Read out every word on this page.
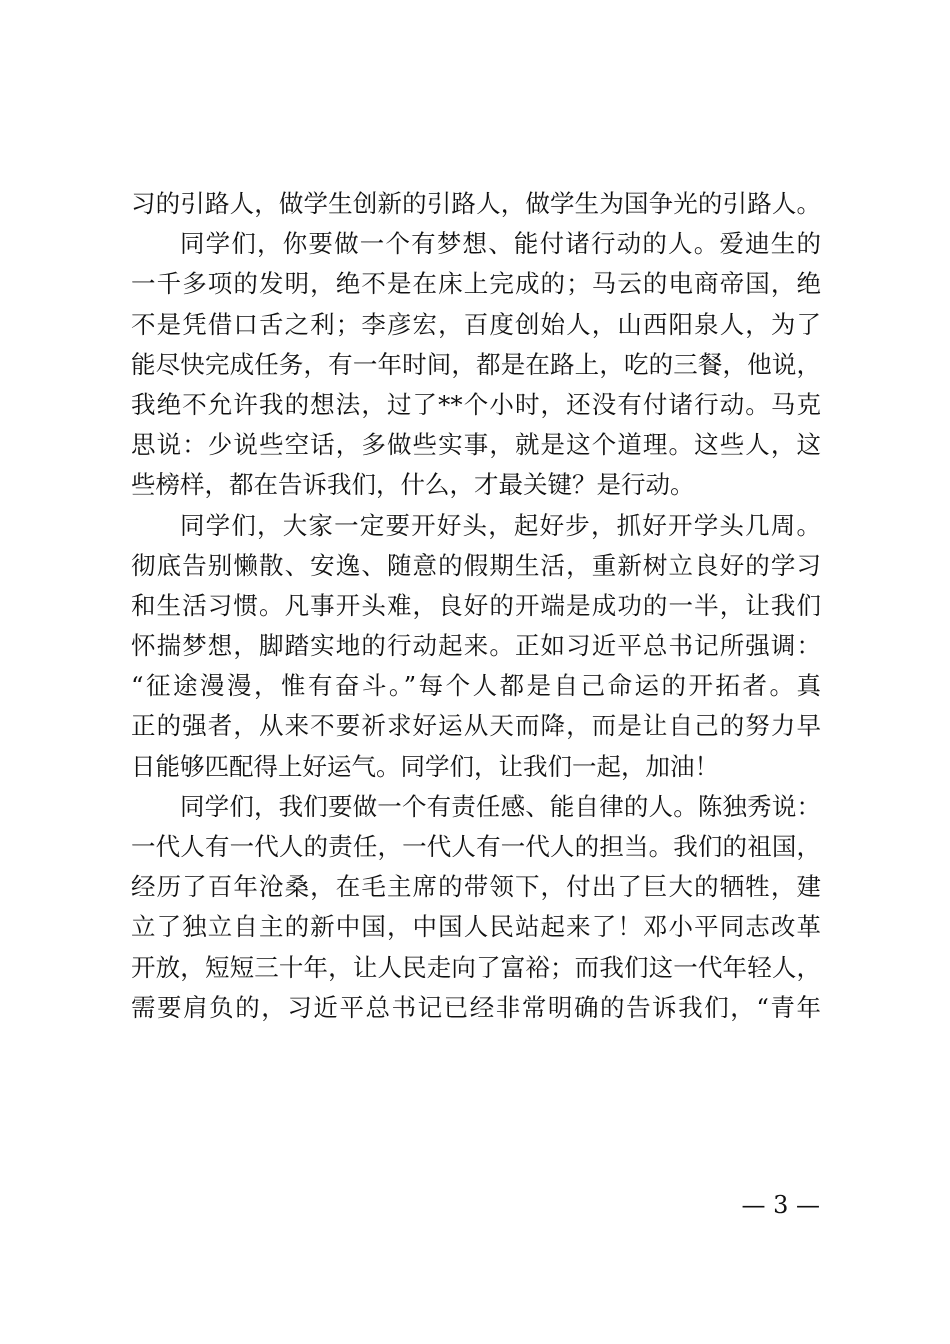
习的引路人，做学生创新的引路人，做学生为国争光的引路人。
同学们，你要做一个有梦想、能付诸行动的人。爱迪生的
一千多项的发明，绝不是在床上完成的；马云的电商帝国，绝
不是凭借口舌之利；李彦宏，百度创始人，山西阳泉人，为了
能尽快完成任务，有一年时间，都是在路上，吃的三餐，他说，
我绝不允许我的想法，过了**个小时，还没有付诸行动。马克
思说：少说些空话，多做些实事，就是这个道理。这些人，这
些榜样，都在告诉我们，什么，才最关键？是行动。
同学们，大家一定要开好头，起好步，抓好开学头几周。
彻底告别懒散、安逸、随意的假期生活，重新树立良好的学习
和生活习惯。凡事开头难，良好的开端是成功的一半，让我们
怀揣梦想，脚踏实地的行动起来。正如习近平总书记所强调：
“征途漫漫，惟有奋斗。”每个人都是自己命运的开拓者。真
正的强者，从来不要祈求好运从天而降，而是让自己的努力早
日能够匹配得上好运气。同学们，让我们一起，加油！
同学们，我们要做一个有责任感、能自律的人。陈独秀说：
一代人有一代人的责任，一代人有一代人的担当。我们的祖国，
经历了百年沧桑，在毛主席的带领下，付出了巨大的牺牲，建
立了独立自主的新中国，中国人民站起来了！邓小平同志改革
开放，短短三十年，让人民走向了富裕；而我们这一代年轻人，
需要肩负的，习近平总书记已经非常明确的告诉我们，“青年
— 3 —
